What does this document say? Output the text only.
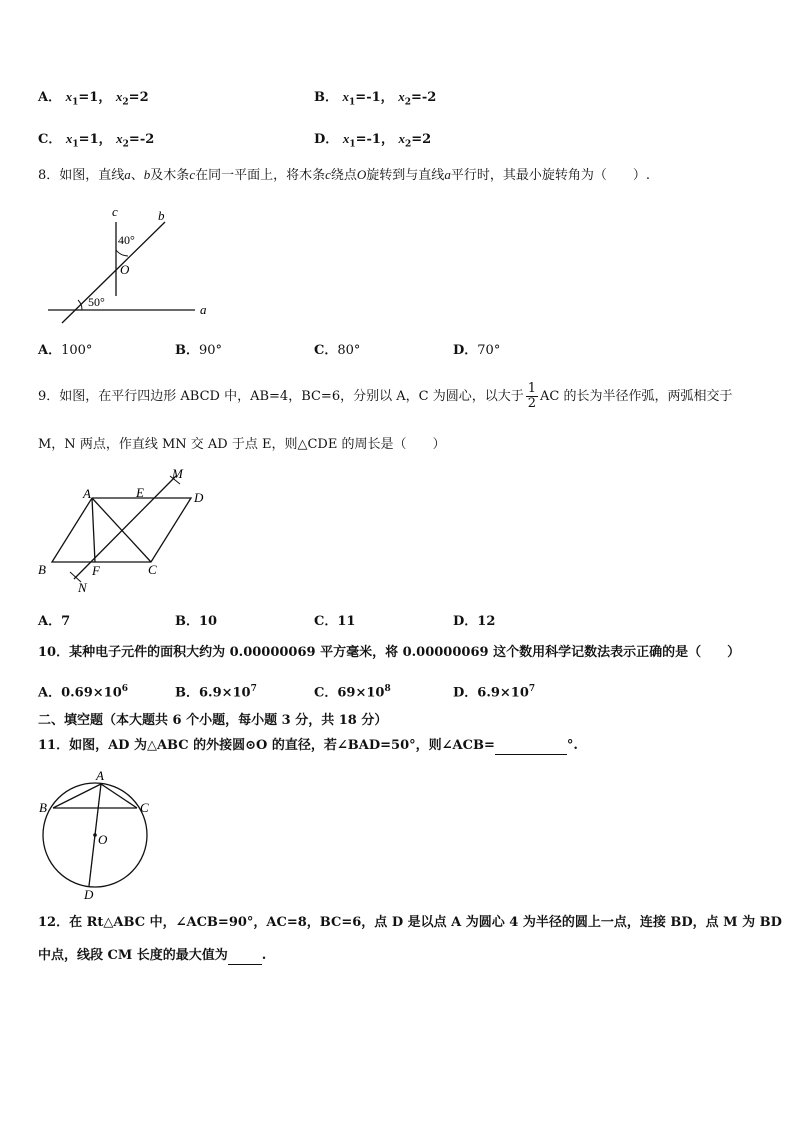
A． $x_1=1$， $x_2=2$	B． $x_1=-1$， $x_2=-2$
C． $x_1=1$， $x_2=-2$	D． $x_1=-1$， $x_2=2$
8．如图，直线a、b及木条c在同一平面上，将木条c绕点O旋转到与直线a平行时，其最小旋转角为（　　）.
c	b
a
O
40°
50°
A．100°	B．90°	C．80°	D．70°
9．如图，在平行四边形 ABCD 中，AB=4，BC=6，分别以 A，C 为圆心，以大于 $\frac{1}{2}$ AC 的长为半径作弧，两弧相交于
M，N 两点，作直线 MN 交 AD 于点 E，则△CDE 的周长是（　　）
A	E	D
M
B	F	C
N
A．7	B．10	C．11	D．12
10．某种电子元件的面积大约为 0.00000069 平方毫米，将 0.00000069 这个数用科学记数法表示正确的是（　　）
A．$0.69\times 10^6$	B．$6.9\times 10^7$	C．$69\times 10^8$	D．$6.9\times 10^7$
二、填空题（本大题共 6 个小题，每小题 3 分，共 18 分）
11．如图，AD 为△ABC 的外接圆⊙O 的直径，若∠BAD=50°，则∠ACB=	°.
A
B	C
O
D
12．在 Rt△ABC 中，∠ACB=90°，AC=8，BC=6，点 D 是以点 A 为圆心 4 为半径的圆上一点，连接 BD，点 M 为 BD
中点，线段 CM 长度的最大值为	.
